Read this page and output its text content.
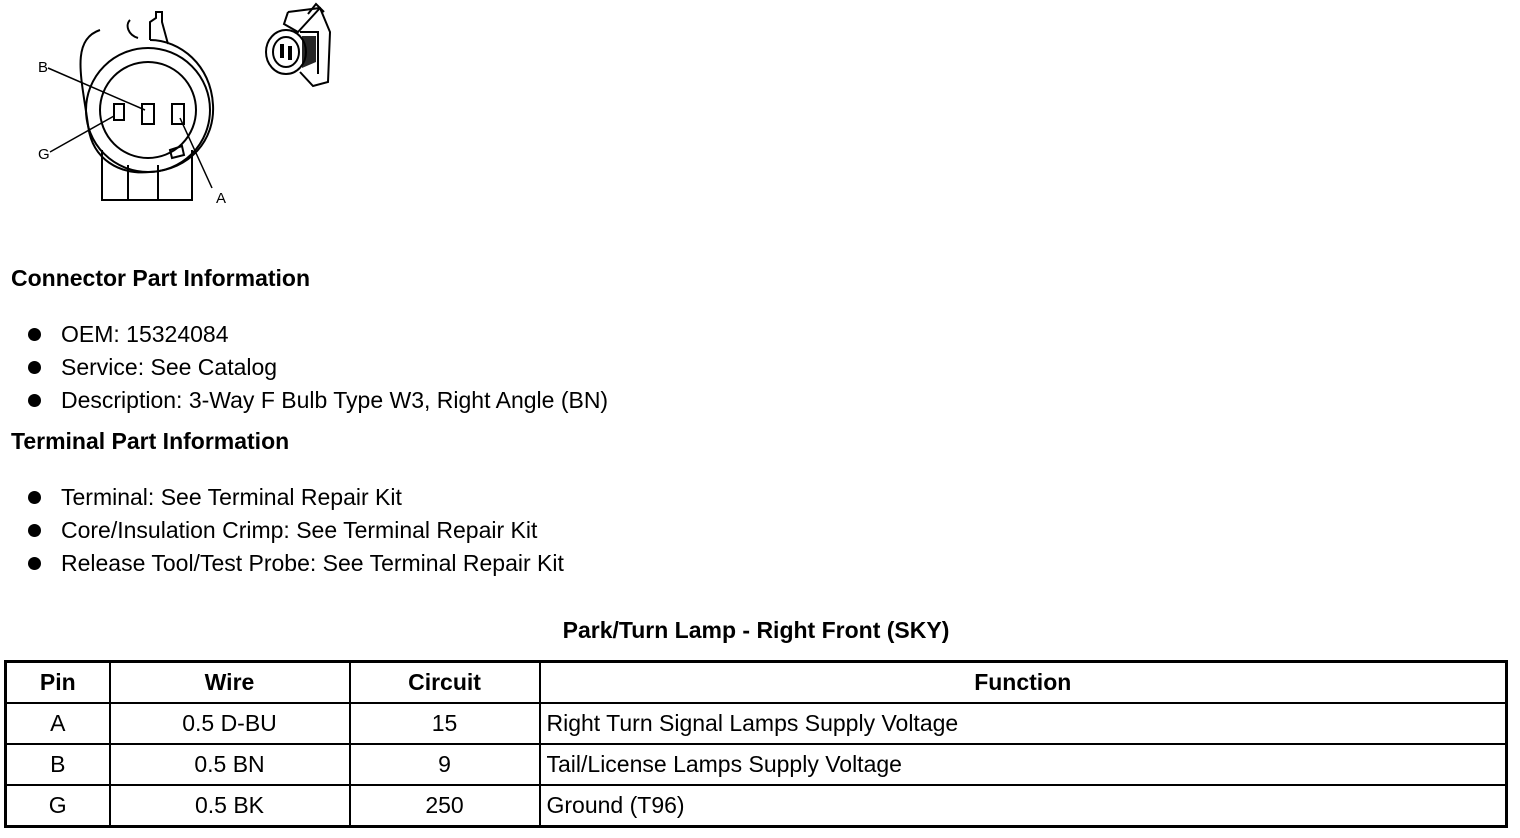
B
G
A
Connector Part Information
OEM: 15324084
Service: See Catalog
Description: 3-Way F Bulb Type W3, Right Angle (BN)
Terminal Part Information
Terminal: See Terminal Repair Kit
Core/Insulation Crimp: See Terminal Repair Kit
Release Tool/Test Probe: See Terminal Repair Kit
Park/Turn Lamp - Right Front (SKY)
Pin	Wire	Circuit	Function
A	0.5 D-BU	15	Right Turn Signal Lamps Supply Voltage
B	0.5 BN	9	Tail/License Lamps Supply Voltage
G	0.5 BK	250	Ground (T96)
